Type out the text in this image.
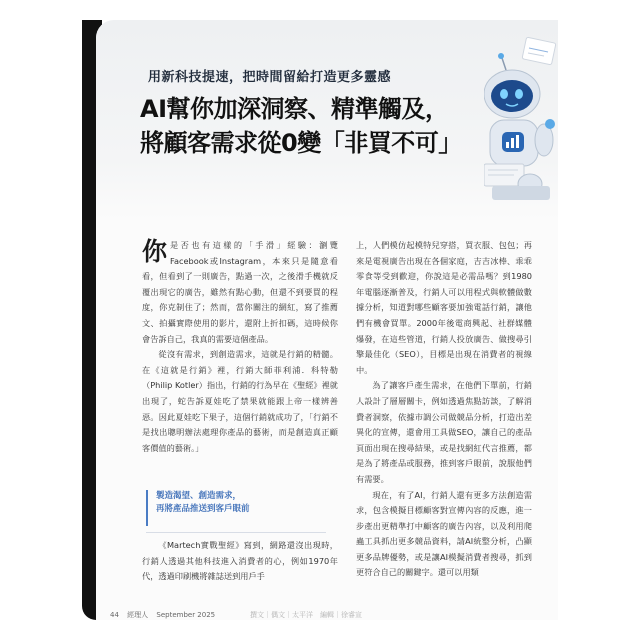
用新科技提速，把時間留給打造更多靈感
AI幫你加深洞察、精準觸及，
將顧客需求從0變「非買不可」
你 是否也有這樣的「手滑」經驗：瀏覽Facebook或Instagram，本來只是隨意看看，但看到了一則廣告，點過一次，之後滑手機就反覆出現它的廣告，雖然有點心動，但還不到要買的程度，你克制住了；然而，當你關注的網紅，寫了推薦文、拍攝實際使用的影片，還附上折扣碼，這時候你會告訴自己，我真的需要這個產品。

從沒有需求，到創造需求，這就是行銷的精髓。在《這就是行銷》裡，行銷大師菲利浦．科特勒（Philip Kotler）指出，行銷的行為早在《聖經》裡就出現了，蛇告訴夏娃吃了禁果就能跟上帝一樣辨善惡。因此夏娃吃下果子，這個行銷就成功了，「行銷不是找出聰明辦法處理你產品的藝術，而是創造真正顧客價值的藝術。」

製造渴望、創造需求，
再將產品推送到客戶眼前

《Martech實戰聖經》寫到，網路還沒出現時，行銷人透過其他科技進入消費者的心，例如1970年代，透過印刷機將雜誌送到用戶手

上，人們模仿起模特兒穿搭，買衣服、包包；再來是電視廣告出現在各個家庭，吉吉冰棒、乖乖零食等受到歡迎，你說這是必需品嗎？到1980年電腦逐漸普及，行銷人可以用程式與軟體做數據分析，知道對哪些顧客要加強電話行銷，讓他們有機會買單。2000年後電商興起、社群媒體爆發，在這些管道，行銷人投放廣告、做搜尋引擎最佳化（SEO），目標是出現在消費者的視線中。

為了讓客戶產生需求，在他們下單前，行銷人設計了層層關卡，例如透過焦點訪談，了解消費者洞察，依據市調公司做競品分析，打造出差異化的宣傳，還會用工具做SEO，讓自己的產品頁面出現在搜尋結果，或是找網紅代言推薦，都是為了將產品或服務，推到客戶眼前，說服他們有需要。

現在，有了AI，行銷人還有更多方法創造需求，包含模擬目標顧客對宣傳內容的反應，進一步產出更精準打中顧客的廣告內容，以及利用爬蟲工具抓出更多競品資料，請AI統整分析，凸顯更多品牌優勢，或是讓AI模擬消費者搜尋，抓到更符合自己的關鍵字。還可以用類

44 經理人 September 2025	撰文｜偶文｜太平洋　編輯｜徐睿宣
